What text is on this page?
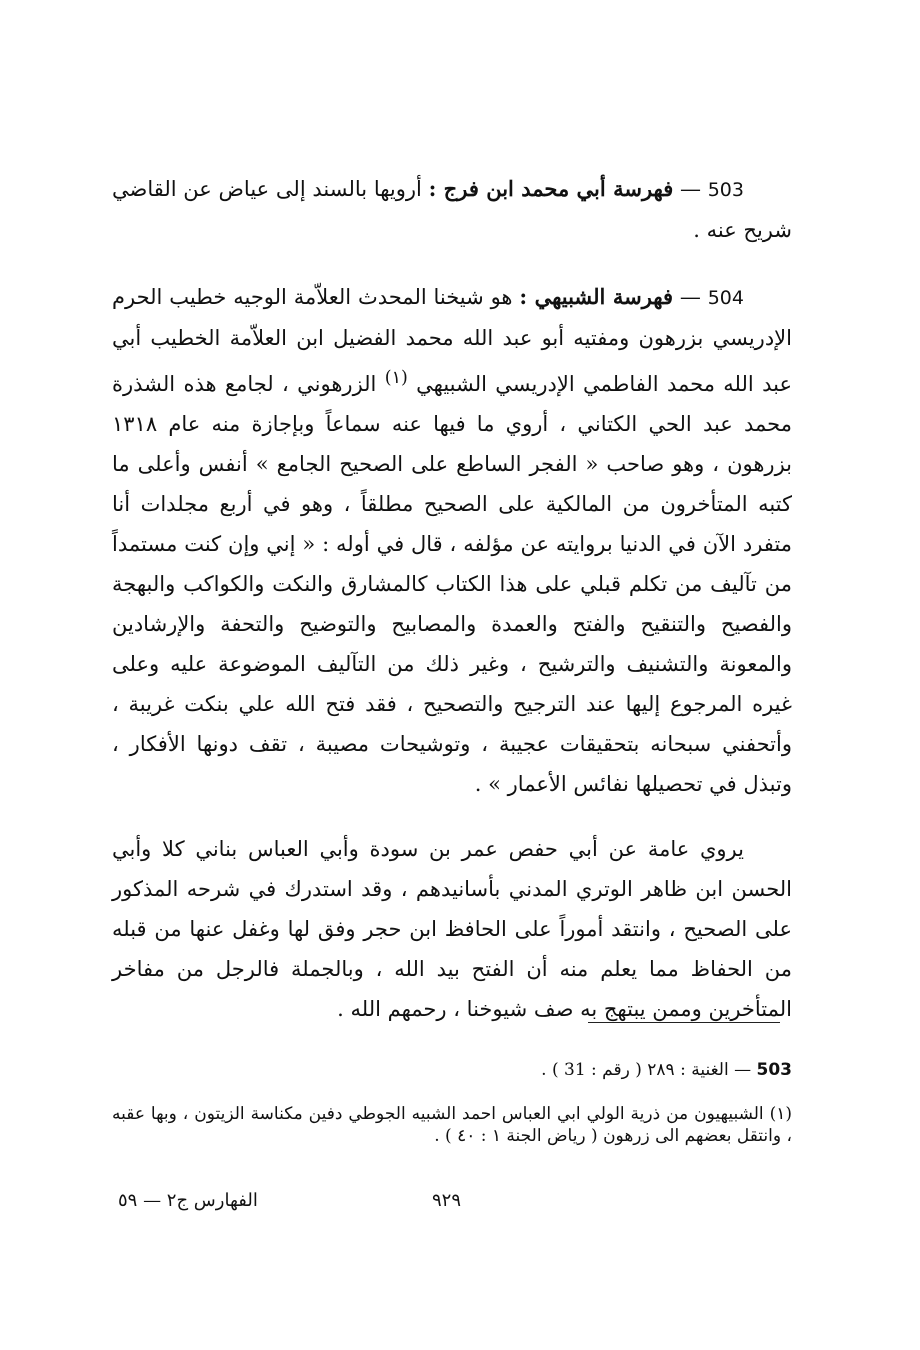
503 — فهرسة أبي محمد ابن فرج : أرويها بالسند إلى عياض عن القاضي شريح عنه .

504 — فهرسة الشبيهي : هو شيخنا المحدث العلاّمة الوجيه خطيب الحرم الإدريسي بزرهون ومفتيه أبو عبد الله محمد الفضيل ابن العلاّمة الخطيب أبي عبد الله محمد الفاطمي الإدريسي الشبيهي $^{(١)}$ الزرهوني ، لجامع هذه الشذرة محمد عبد الحي الكتاني ، أروي ما فيها عنه سماعاً وبإجازة منه عام ١٣١٨ بزرهون ، وهو صاحب « الفجر الساطع على الصحيح الجامع » أنفس وأعلى ما كتبه المتأخرون من المالكية على الصحيح مطلقاً ، وهو في أربع مجلدات أنا متفرد الآن في الدنيا بروايته عن مؤلفه ، قال في أوله : « إني وإن كنت مستمداً من تآليف من تكلم قبلي على هذا الكتاب كالمشارق والنكت والكواكب والبهجة والفصيح والتنقيح والفتح والعمدة والمصابيح والتوضيح والتحفة والإرشادين والمعونة والتشنيف والترشيح ، وغير ذلك من التآليف الموضوعة عليه وعلى غيره المرجوع إليها عند الترجيح والتصحيح ، فقد فتح الله علي بنكت غريبة ، وأتحفني سبحانه بتحقيقات عجيبة ، وتوشيحات مصيبة ، تقف دونها الأفكار ، وتبذل في تحصيلها نفائس الأعمار » .

يروي عامة عن أبي حفص عمر بن سودة وأبي العباس بناني كلا وأبي الحسن ابن ظاهر الوتري المدني بأسانيدهم ، وقد استدرك في شرحه المذكور على الصحيح ، وانتقد أموراً على الحافظ ابن حجر وفق لها وغفل عنها من قبله من الحفاظ مما يعلم منه أن الفتح بيد الله ، وبالجملة فالرجل من مفاخر المتأخرين وممن يبتهج به صف شيوخنا ، رحمهم الله .

503 — الغنية : ٢٨٩ ( رقم : 31 ) .

(١) الشبيهيون من ذرية الولي ابي العباس احمد الشبيه الجوطي دفين مكناسة الزيتون ، وبها عقبه ، وانتقل بعضهم الى زرهون ( رياض الجنة ١ : ٤٠ ) .

الفهارس ج٢ — ٥٩	٩٢٩
